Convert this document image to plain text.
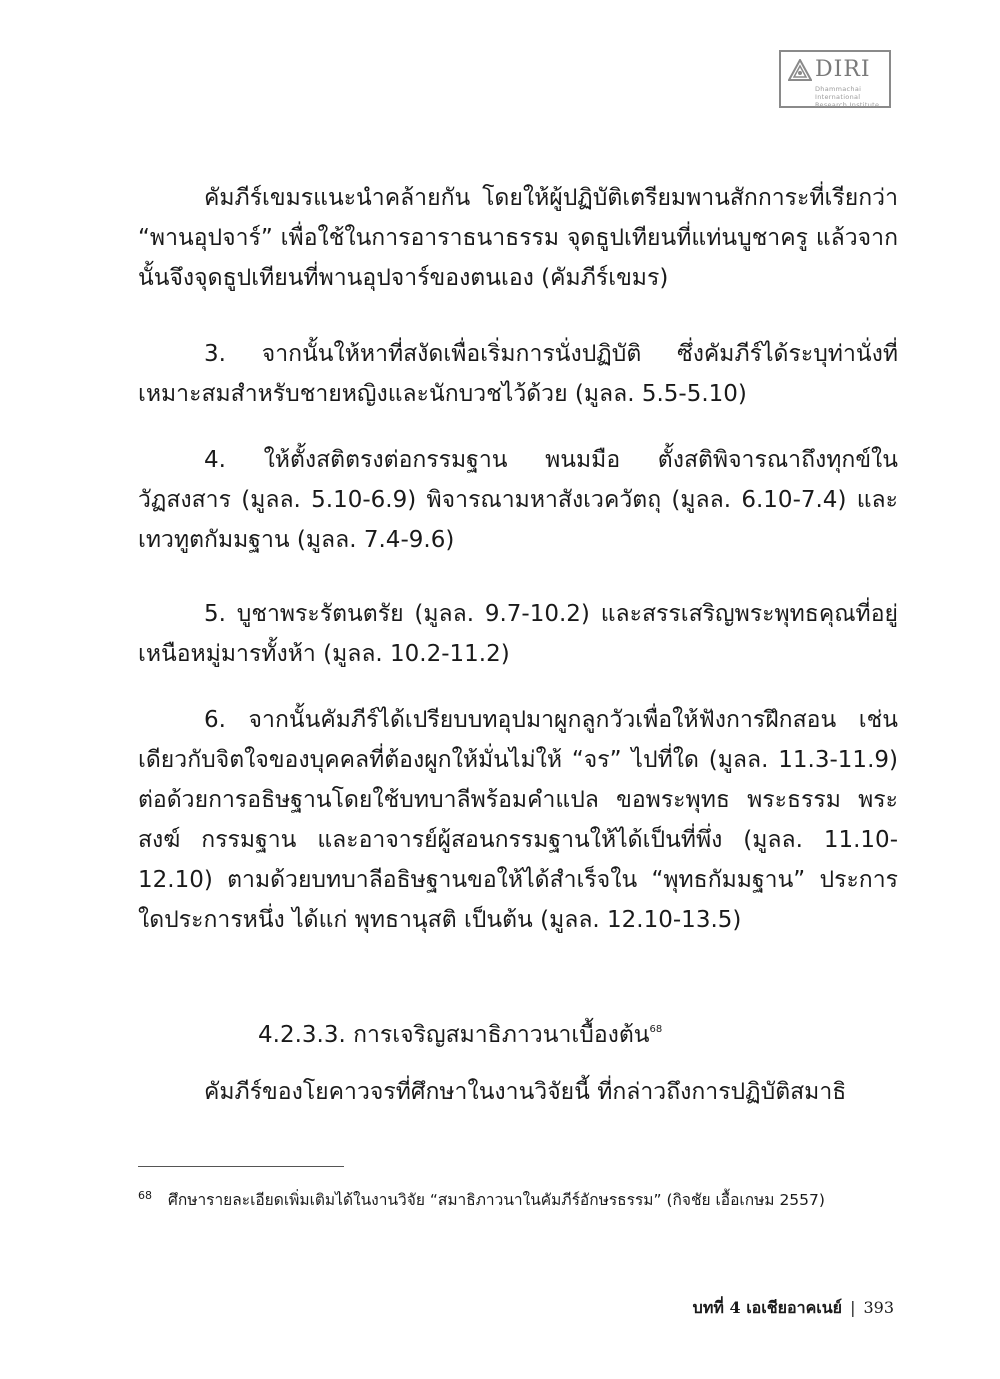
DIRI
Dhammachai International
Research Institute

คัมภีร์เขมรแนะนำคล้ายกัน โดยให้ผู้ปฏิบัติเตรียมพานสักการะที่เรียกว่า “พานอุปจาร์” เพื่อใช้ในการอาราธนาธรรม จุดธูปเทียนที่แท่นบูชาครู แล้วจากนั้นจึงจุดธูปเทียนที่พานอุปจาร์ของตนเอง (คัมภีร์เขมร)

3. จากนั้นให้หาที่สงัดเพื่อเริ่มการนั่งปฏิบัติ ซึ่งคัมภีร์ได้ระบุท่านั่งที่เหมาะสมสำหรับชายหญิงและนักบวชไว้ด้วย (มูลล. 5.5-5.10)

4. ให้ตั้งสติตรงต่อกรรมฐาน พนมมือ ตั้งสติพิจารณาถึงทุกข์ในวัฏสงสาร (มูลล. 5.10-6.9) พิจารณามหาสังเวควัตถุ (มูลล. 6.10-7.4) และเทวทูตกัมมฐาน (มูลล. 7.4-9.6)

5. บูชาพระรัตนตรัย (มูลล. 9.7-10.2) และสรรเสริญพระพุทธคุณที่อยู่เหนือหมู่มารทั้งห้า (มูลล. 10.2-11.2)

6. จากนั้นคัมภีร์ได้เปรียบบทอุปมาผูกลูกวัวเพื่อให้ฟังการฝึกสอน เช่นเดียวกับจิตใจของบุคคลที่ต้องผูกให้มั่นไม่ให้ “จร” ไปที่ใด (มูลล. 11.3-11.9) ต่อด้วยการอธิษฐานโดยใช้บทบาลีพร้อมคำแปล ขอพระพุทธ พระธรรม พระสงฆ์ กรรมฐาน และอาจารย์ผู้สอนกรรมฐานให้ได้เป็นที่พึ่ง (มูลล. 11.10-12.10) ตามด้วยบทบาลีอธิษฐานขอให้ได้สำเร็จใน “พุทธกัมมฐาน” ประการใดประการหนึ่ง ได้แก่ พุทธานุสติ เป็นต้น (มูลล. 12.10-13.5)

4.2.3.3. การเจริญสมาธิภาวนาเบื้องต้น$^{68}$

คัมภีร์ของโยคาวจรที่ศึกษาในงานวิจัยนี้ ที่กล่าวถึงการปฏิบัติสมาธิ

68 ศึกษารายละเอียดเพิ่มเติมได้ในงานวิจัย “สมาธิภาวนาในคัมภีร์อักษรธรรม” (กิจชัย เอื้อเกษม 2557)

บทที่ 4 เอเชียอาคเนย์ | 393
